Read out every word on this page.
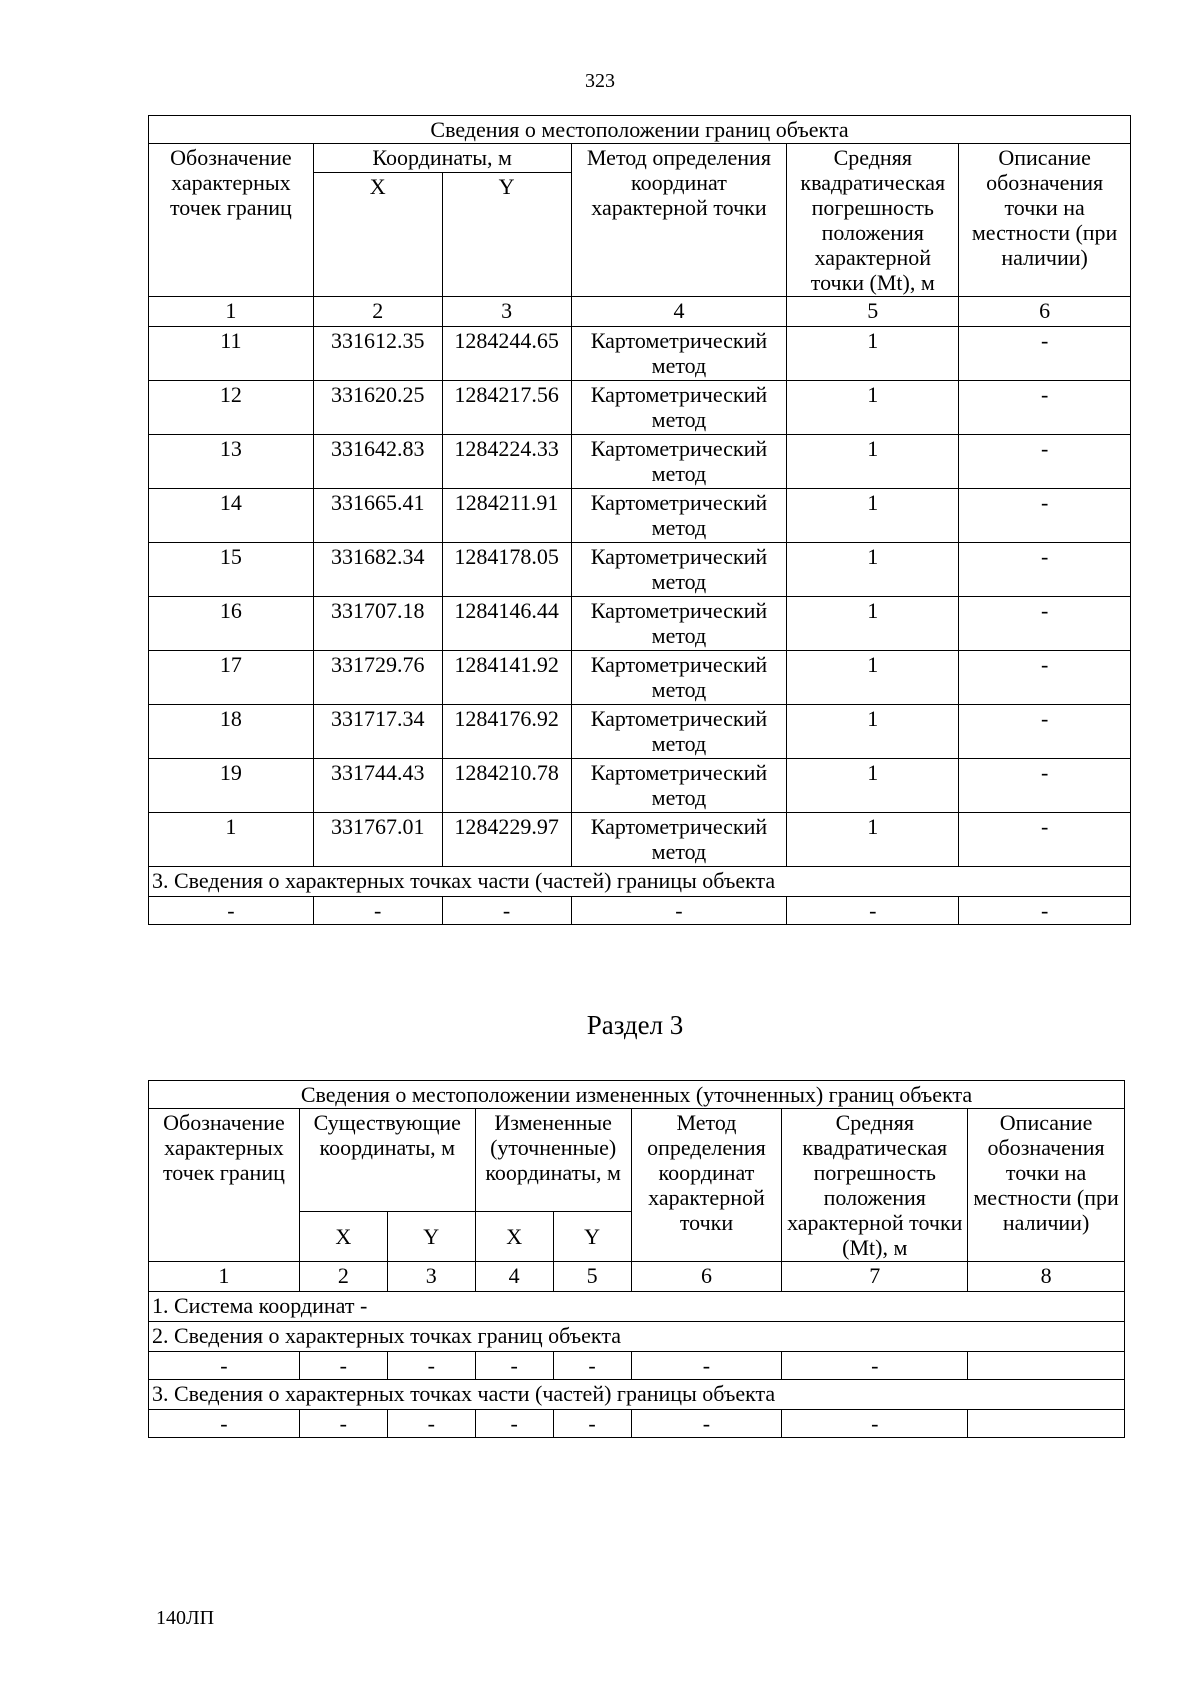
323
Сведения о местоположении границ объекта					
Обозначение характерных точек границ	Координаты, м		Метод определения координат характерной точки	Средняя квадратическая погрешность положения характерной точки (Mt), м	Описание обозначения точки на местности (при наличии)
	X	Y			
1	2	3	4	5	6
11	331612.35	1284244.65	Картометрический метод	1	-
12	331620.25	1284217.56	Картометрический метод	1	-
13	331642.83	1284224.33	Картометрический метод	1	-
14	331665.41	1284211.91	Картометрический метод	1	-
15	331682.34	1284178.05	Картометрический метод	1	-
16	331707.18	1284146.44	Картометрический метод	1	-
17	331729.76	1284141.92	Картометрический метод	1	-
18	331717.34	1284176.92	Картометрический метод	1	-
19	331744.43	1284210.78	Картометрический метод	1	-
1	331767.01	1284229.97	Картометрический метод	1	-
3. Сведения о характерных точках части (частей) границы объекта					
-	-	-	-	-	-
Раздел 3
Сведения о местоположении измененных (уточненных) границ объекта							
Обозначение характерных точек границ	Существующие координаты, м		Измененные (уточненные) координаты, м		Метод определения координат характерной точки	Средняя квадратическая погрешность положения характерной точки (Mt), м	Описание обозначения точки на местности (при наличии)
	X	Y	X	Y			
1	2	3	4	5	6	7	8
1. Система координат -							
2. Сведения о характерных точках границ объекта							
-	-	-	-	-	-	-	
3. Сведения о характерных точках части (частей) границы объекта							
-	-	-	-	-	-	-	
140ЛП
